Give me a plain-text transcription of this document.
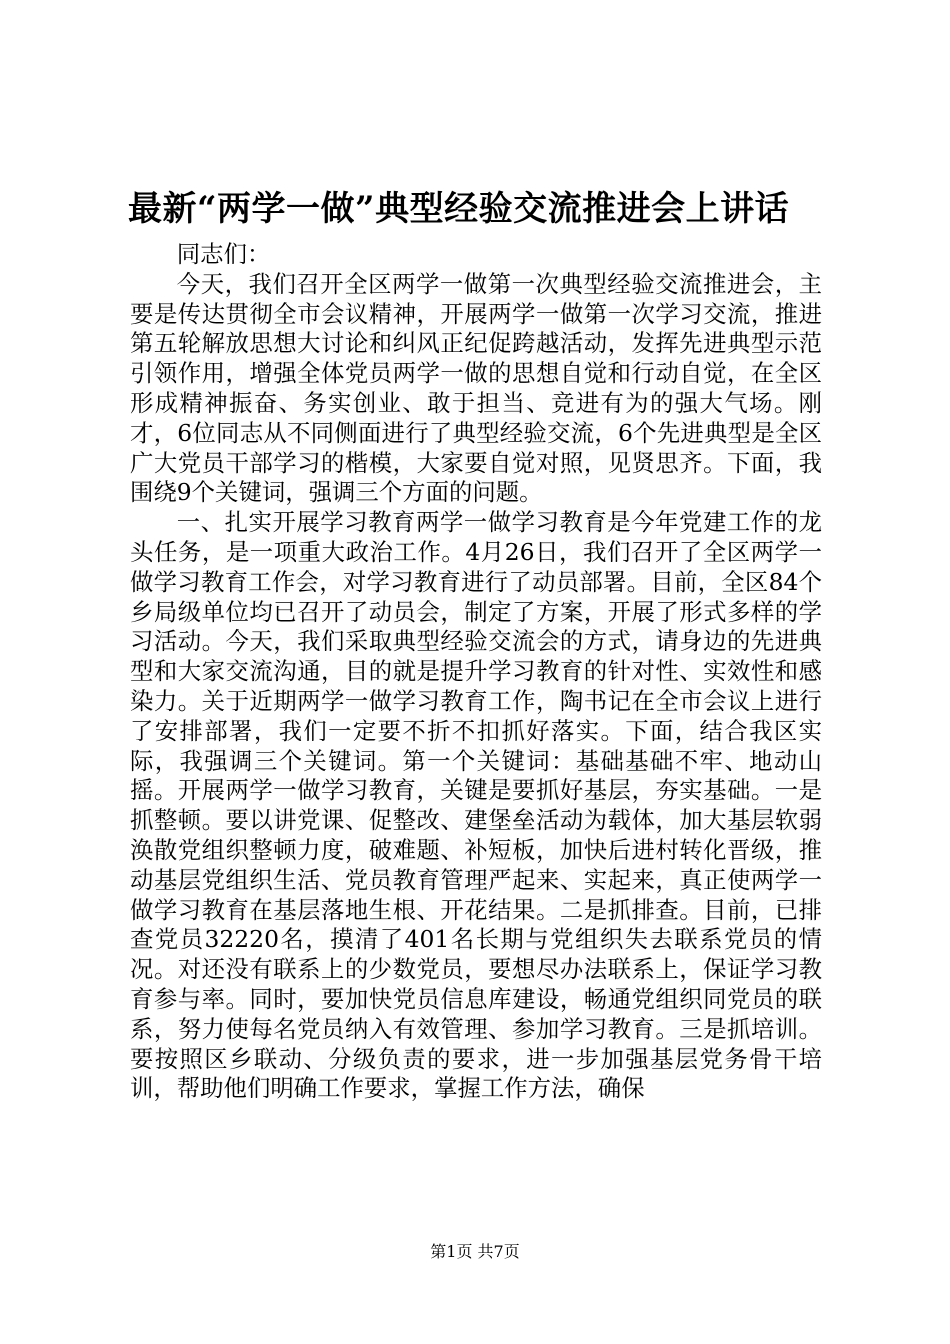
最新“两学一做”典型经验交流推进会上讲话

同志们：

今天，我们召开全区两学一做第一次典型经验交流推进会，主要是传达贯彻全市会议精神，开展两学一做第一次学习交流，推进第五轮解放思想大讨论和纠风正纪促跨越活动，发挥先进典型示范引领作用，增强全体党员两学一做的思想自觉和行动自觉，在全区形成精神振奋、务实创业、敢于担当、竞进有为的强大气场。刚才，6位同志从不同侧面进行了典型经验交流，6个先进典型是全区广大党员干部学习的楷模，大家要自觉对照，见贤思齐。下面，我围绕9个关键词，强调三个方面的问题。

一、扎实开展学习教育两学一做学习教育是今年党建工作的龙头任务，是一项重大政治工作。4月26日，我们召开了全区两学一做学习教育工作会，对学习教育进行了动员部署。目前，全区84个乡局级单位均已召开了动员会，制定了方案，开展了形式多样的学习活动。今天，我们采取典型经验交流会的方式，请身边的先进典型和大家交流沟通，目的就是提升学习教育的针对性、实效性和感染力。关于近期两学一做学习教育工作，陶书记在全市会议上进行了安排部署，我们一定要不折不扣抓好落实。下面，结合我区实际，我强调三个关键词。第一个关键词：基础基础不牢、地动山摇。开展两学一做学习教育，关键是要抓好基层，夯实基础。一是抓整顿。要以讲党课、促整改、建堡垒活动为载体，加大基层软弱涣散党组织整顿力度，破难题、补短板，加快后进村转化晋级，推动基层党组织生活、党员教育管理严起来、实起来，真正使两学一做学习教育在基层落地生根、开花结果。二是抓排查。目前，已排查党员32220名，摸清了401名长期与党组织失去联系党员的情况。对还没有联系上的少数党员，要想尽办法联系上，保证学习教育参与率。同时，要加快党员信息库建设，畅通党组织同党员的联系，努力使每名党员纳入有效管理、参加学习教育。三是抓培训。要按照区乡联动、分级负责的要求，进一步加强基层党务骨干培训，帮助他们明确工作要求，掌握工作方法，确保

第1页 共7页
